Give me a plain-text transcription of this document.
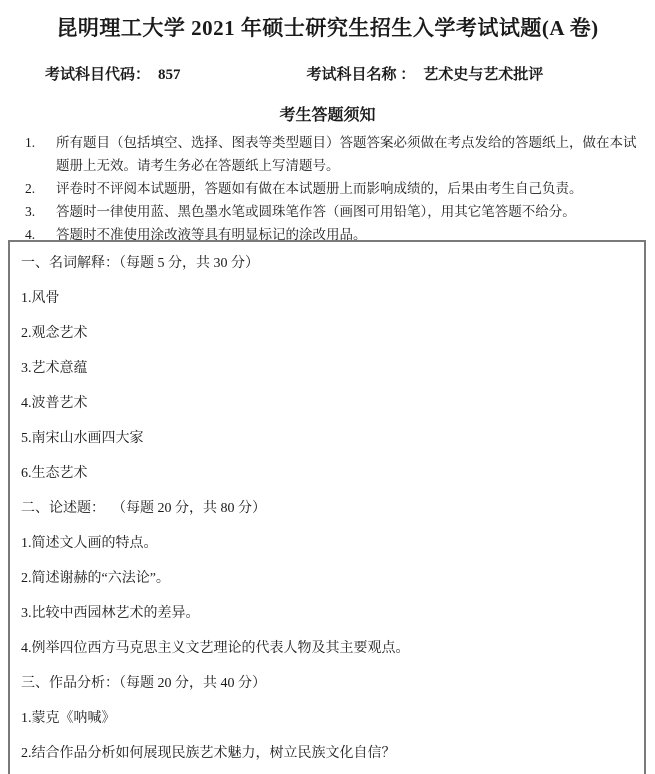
昆明理工大学 2021 年硕士研究生招生入学考试试题(A 卷)
考试科目代码： 857	考试科目名称 ： 艺术史与艺术批评
考生答题须知
1.	所有题目（包括填空、选择、图表等类型题目）答题答案必须做在考点发给的答题纸上，做在本试题册上无效。请考生务必在答题纸上写清题号。
2.	评卷时不评阅本试题册，答题如有做在本试题册上而影响成绩的，后果由考生自己负责。
3.	答题时一律使用蓝、黑色墨水笔或圆珠笔作答（画图可用铅笔），用其它笔答题不给分。
4.	答题时不准使用涂改液等具有明显标记的涂改用品。
一、名词解释：（每题 5 分，共 30 分）
1.风骨
2.观念艺术
3.艺术意蕴
4.波普艺术
5.南宋山水画四大家
6.生态艺术
二、论述题：  （每题 20 分，共 80 分）
1.简述文人画的特点。
2.简述谢赫的“六法论”。
3.比较中西园林艺术的差异。
4.例举四位西方马克思主义文艺理论的代表人物及其主要观点。
三、作品分析：（每题 20 分，共 40 分）
1.蒙克《呐喊》
2.结合作品分析如何展现民族艺术魅力，树立民族文化自信？
